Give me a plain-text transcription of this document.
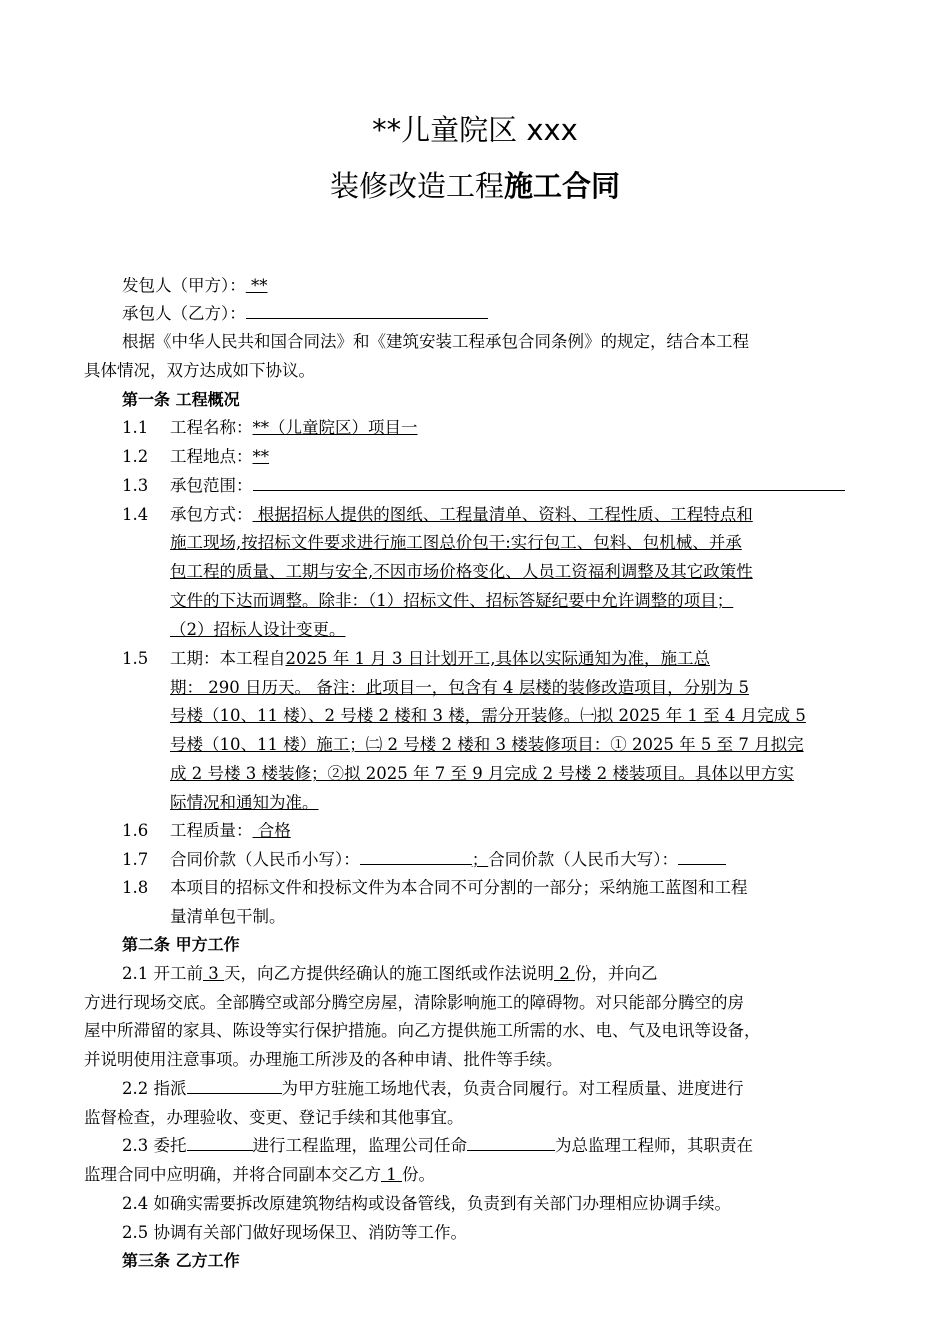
**儿童院区 xxx
装修改造工程施工合同
发包人（甲方）： **
承包人（乙方）：
根据《中华人民共和国合同法》和《建筑安装工程承包合同条例》的规定，结合本工程
具体情况，双方达成如下协议。
第一条 工程概况
1.1 工程名称：**（儿童院区）项目一
1.2 工程地点：**
1.3 承包范围：
1.4 承包方式： 根据招标人提供的图纸、工程量清单、资料、工程性质、工程特点和
施工现场,按招标文件要求进行施工图总价包干:实行包工、包料、包机械、并承
包工程的质量、工期与安全,不因市场价格变化、人员工资福利调整及其它政策性
文件的下达而调整。除非：（1）招标文件、招标答疑纪要中允许调整的项目；
（2）招标人设计变更。
1.5 工期：本工程自2025 年 1 月 3 日计划开工,具体以实际通知为准，施工总
期： 290 日历天。 备注：此项目一，包含有 4 层楼的装修改造项目，分别为 5
号楼（10、11 楼）、2 号楼 2 楼和 3 楼，需分开装修。㈠拟 2025 年 1 至 4 月完成 5
号楼（10、11 楼）施工；㈡ 2 号楼 2 楼和 3 楼装修项目：① 2025 年 5 至 7 月拟完
成 2 号楼 3 楼装修；②拟 2025 年 7 至 9 月完成 2 号楼 2 楼装项目。具体以甲方实
际情况和通知为准。
1.6 工程质量： 合格
1.7 合同价款（人民币小写）：	；合同价款（人民币大写）：
1.8 本项目的招标文件和投标文件为本合同不可分割的一部分；采纳施工蓝图和工程
量清单包干制。
第二条 甲方工作
2.1 开工前 3 天，向乙方提供经确认的施工图纸或作法说明 2 份，并向乙
方进行现场交底。全部腾空或部分腾空房屋，清除影响施工的障碍物。对只能部分腾空的房
屋中所滞留的家具、陈设等实行保护措施。向乙方提供施工所需的水、电、气及电讯等设备，
并说明使用注意事项。办理施工所涉及的各种申请、批件等手续。
2.2 指派	为甲方驻施工场地代表，负责合同履行。对工程质量、进度进行
监督检查，办理验收、变更、登记手续和其他事宜。
2.3 委托	进行工程监理，监理公司任命	为总监理工程师，其职责在
监理合同中应明确，并将合同副本交乙方 1 份。
2.4 如确实需要拆改原建筑物结构或设备管线，负责到有关部门办理相应协调手续。
2.5 协调有关部门做好现场保卫、消防等工作。
第三条 乙方工作
